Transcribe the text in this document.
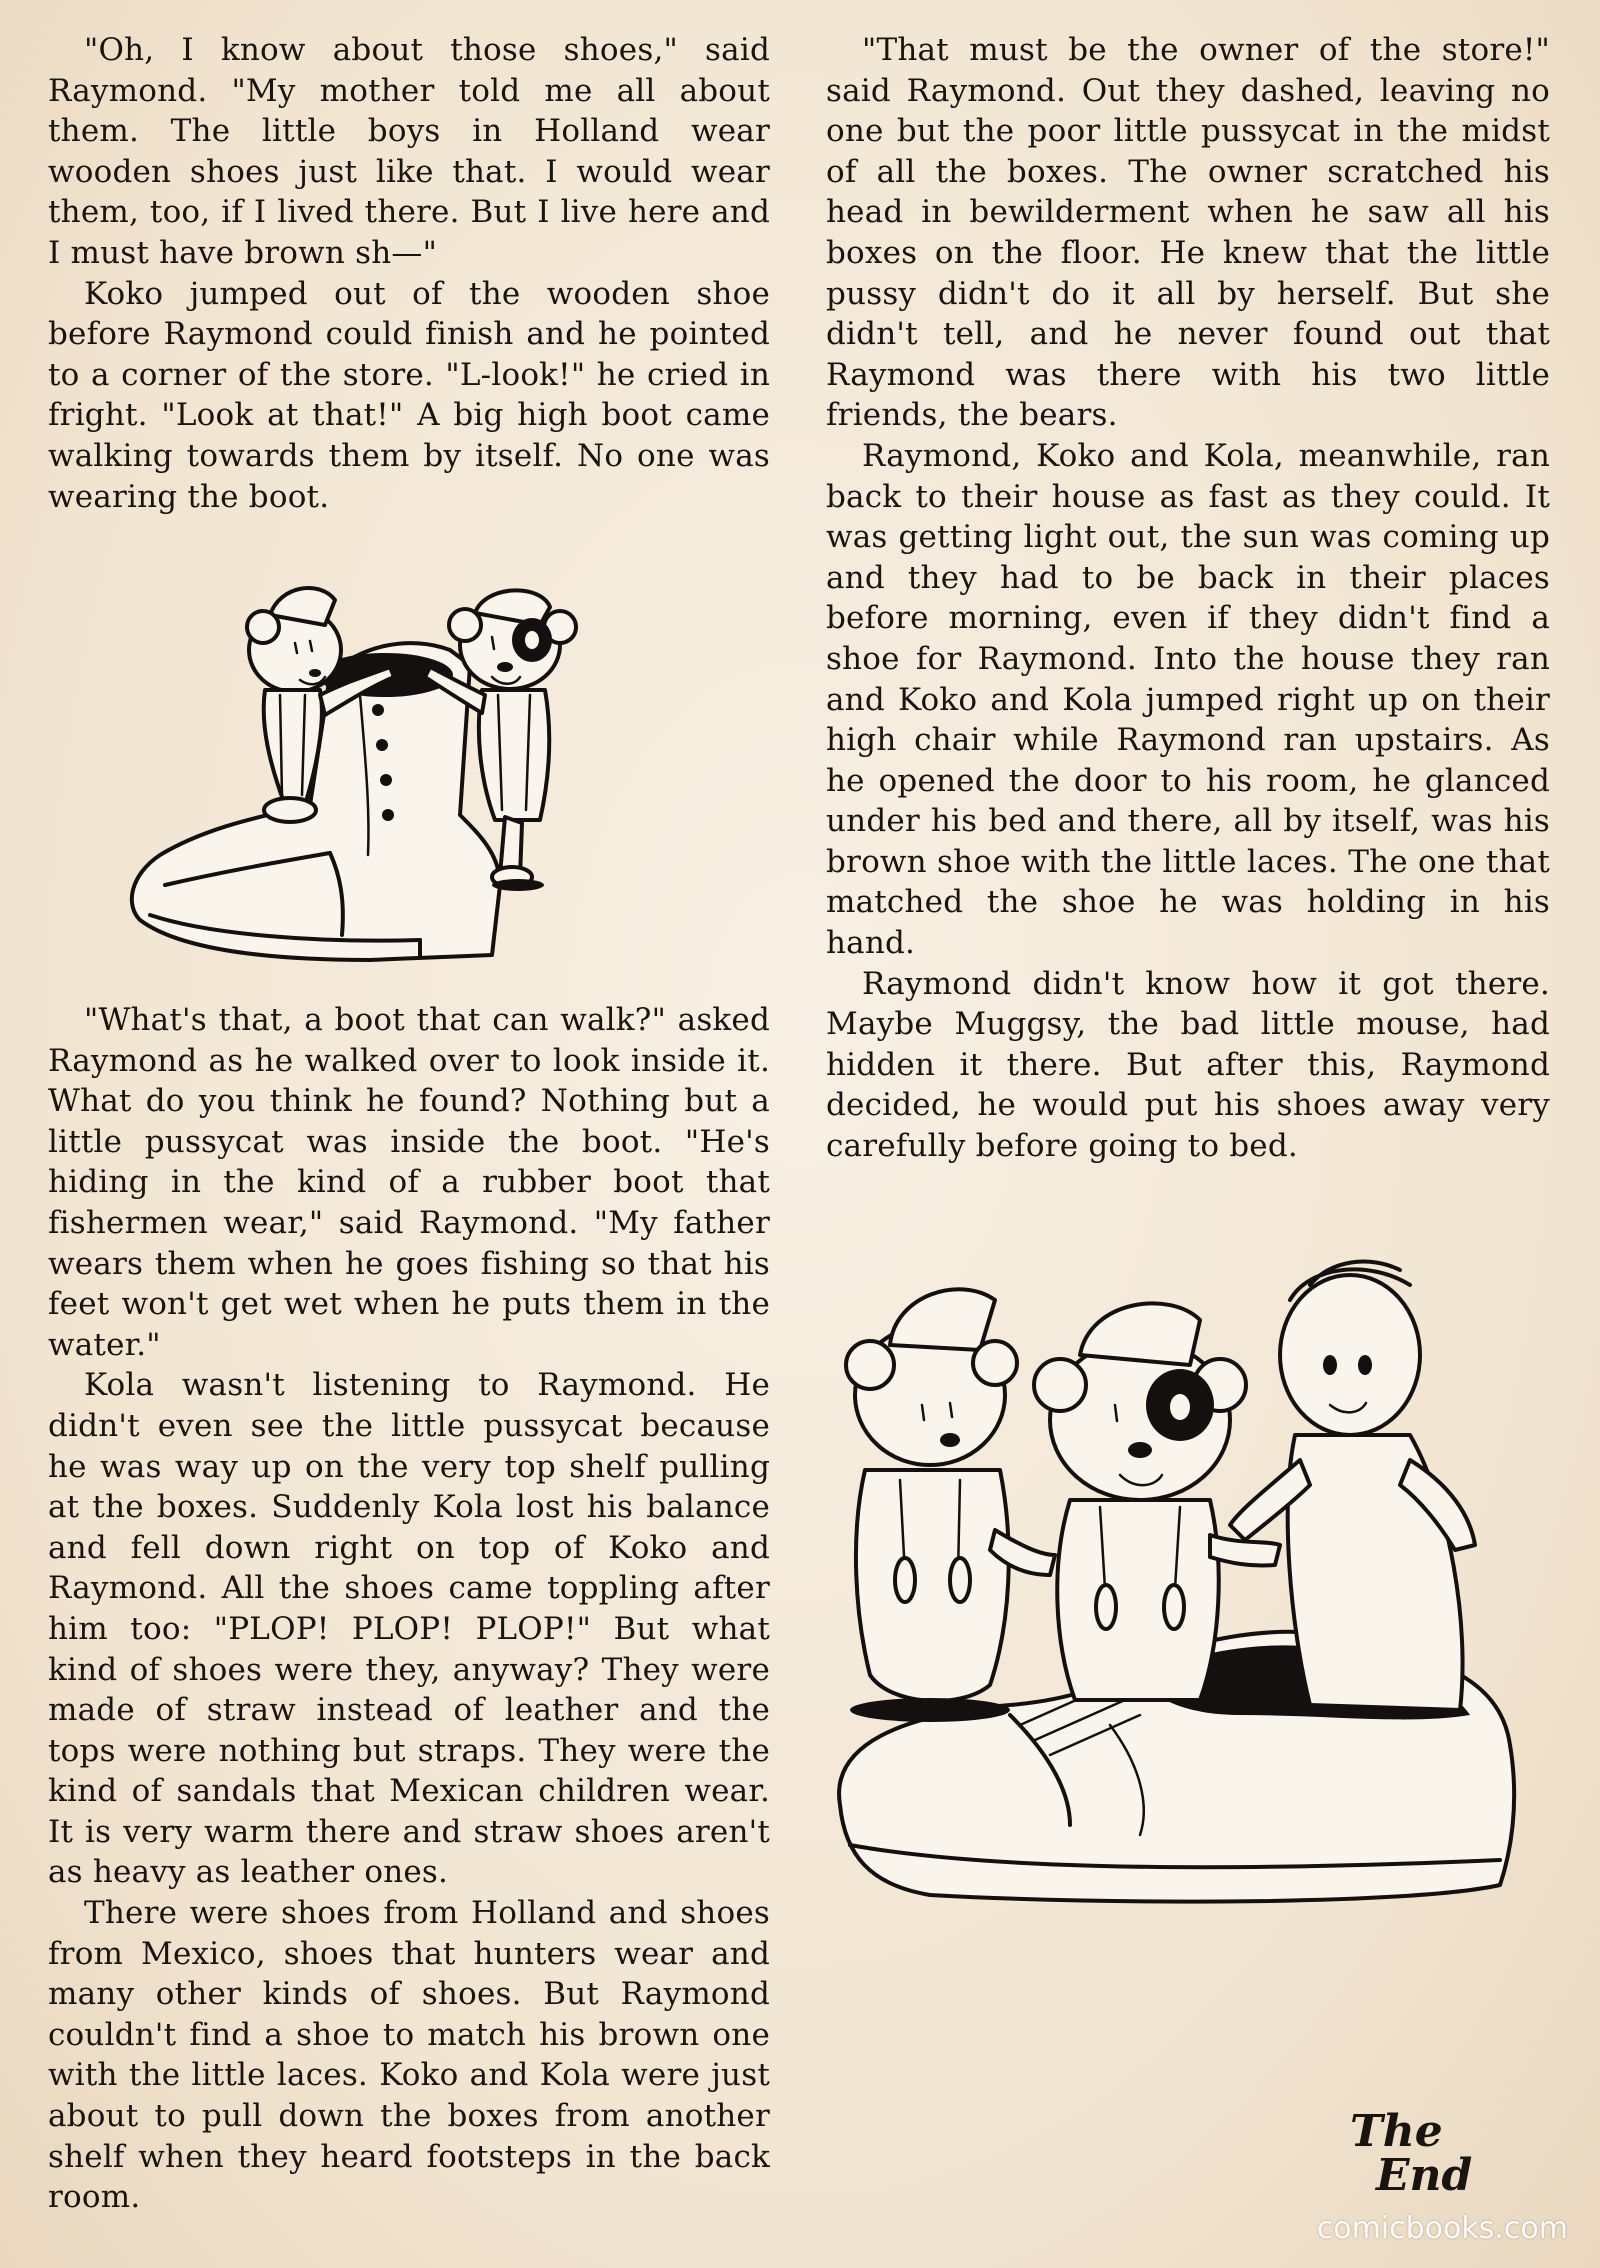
"Oh, I know about those shoes," said Raymond. "My mother told me all about them. The little boys in Holland wear wooden shoes just like that. I would wear them, too, if I lived there. But I live here and I must have brown sh—"

Koko jumped out of the wooden shoe before Raymond could finish and he pointed to a corner of the store. "L-look!" he cried in fright. "Look at that!" A big high boot came walking towards them by itself. No one was wearing the boot.

"What's that, a boot that can walk?" asked Raymond as he walked over to look inside it. What do you think he found? Nothing but a little pussycat was inside the boot. "He's hiding in the kind of a rubber boot that fishermen wear," said Raymond. "My father wears them when he goes fishing so that his feet won't get wet when he puts them in the water."

Kola wasn't listening to Raymond. He didn't even see the little pussycat because he was way up on the very top shelf pulling at the boxes. Suddenly Kola lost his balance and fell down right on top of Koko and Raymond. All the shoes came toppling after him too: "PLOP! PLOP! PLOP!" But what kind of shoes were they, anyway? They were made of straw instead of leather and the tops were nothing but straps. They were the kind of sandals that Mexican children wear. It is very warm there and straw shoes aren't as heavy as leather ones.

There were shoes from Holland and shoes from Mexico, shoes that hunters wear and many other kinds of shoes. But Raymond couldn't find a shoe to match his brown one with the little laces. Koko and Kola were just about to pull down the boxes from another shelf when they heard footsteps in the back room.

"That must be the owner of the store!" said Raymond. Out they dashed, leaving no one but the poor little pussycat in the midst of all the boxes. The owner scratched his head in bewilderment when he saw all his boxes on the floor. He knew that the little pussy didn't do it all by herself. But she didn't tell, and he never found out that Raymond was there with his two little friends, the bears.

Raymond, Koko and Kola, meanwhile, ran back to their house as fast as they could. It was getting light out, the sun was coming up and they had to be back in their places before morning, even if they didn't find a shoe for Raymond. Into the house they ran and Koko and Kola jumped right up on their high chair while Raymond ran upstairs. As he opened the door to his room, he glanced under his bed and there, all by itself, was his brown shoe with the little laces. The one that matched the shoe he was holding in his hand.

Raymond didn't know how it got there. Maybe Muggsy, the bad little mouse, had hidden it there. But after this, Raymond decided, he would put his shoes away very carefully before going to bed.

The
End
comicbooks.com
